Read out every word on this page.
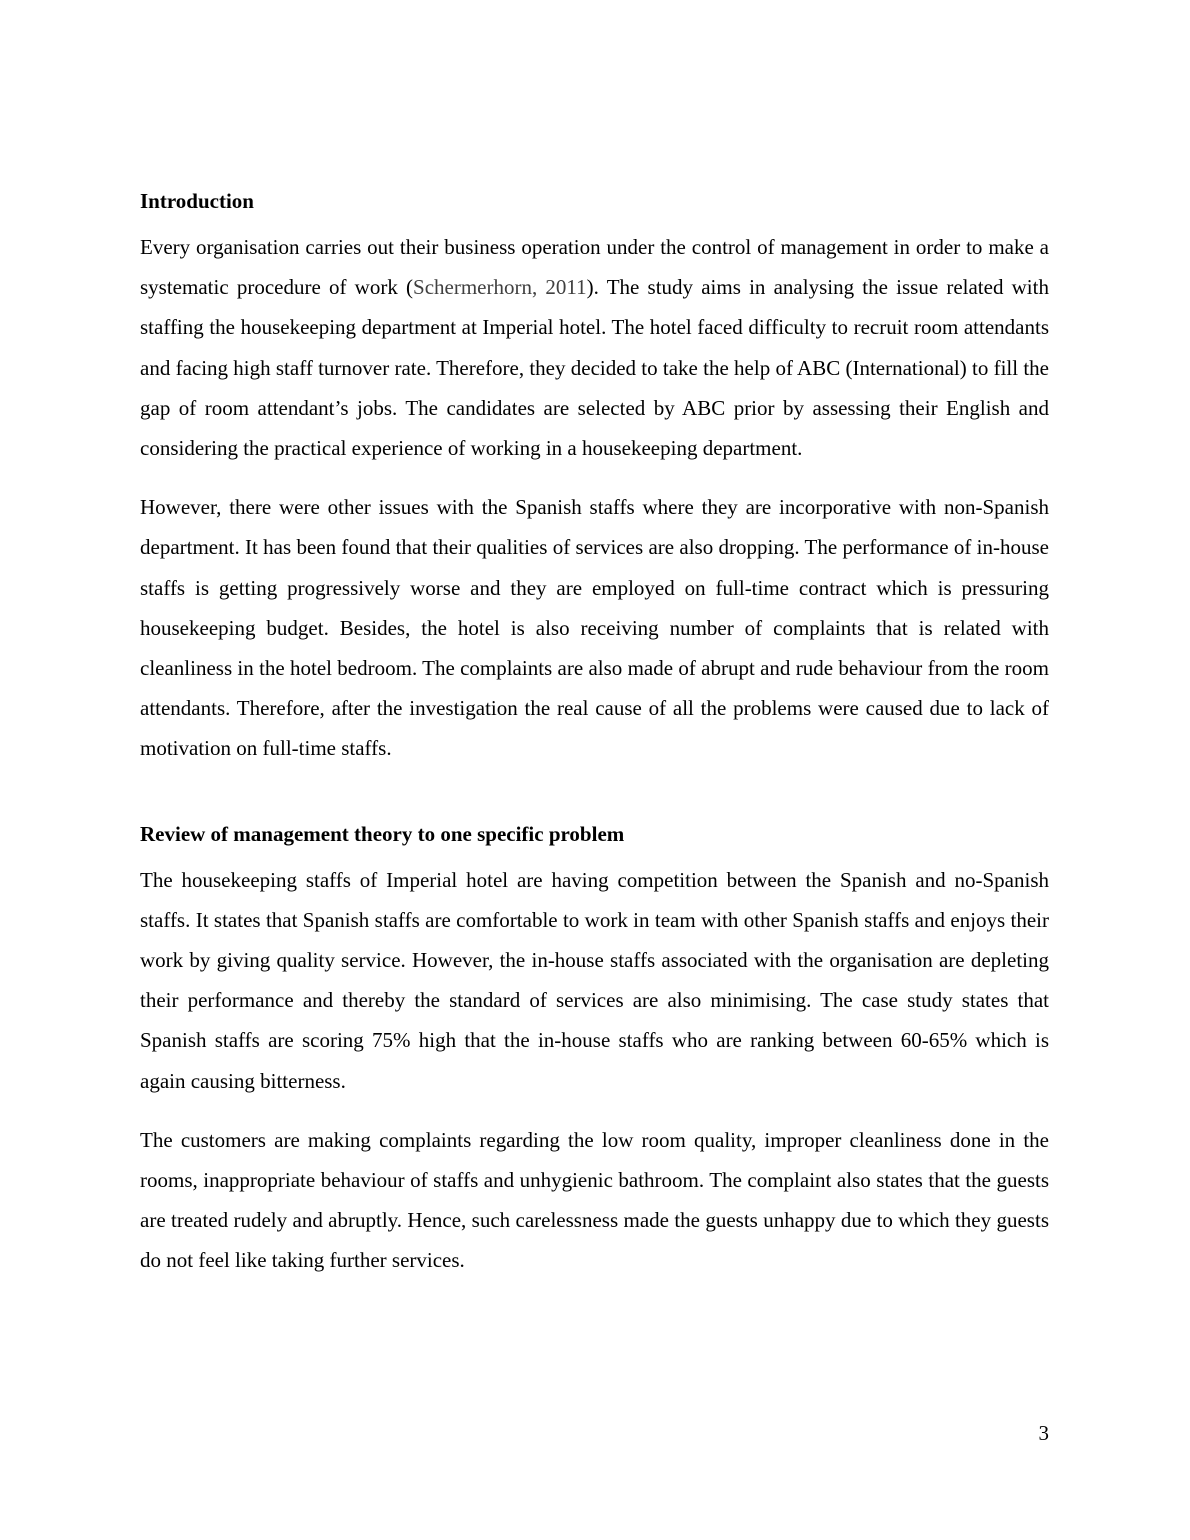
Introduction

Every organisation carries out their business operation under the control of management in order to make a systematic procedure of work (Schermerhorn, 2011). The study aims in analysing the issue related with staffing the housekeeping department at Imperial hotel. The hotel faced difficulty to recruit room attendants and facing high staff turnover rate. Therefore, they decided to take the help of ABC (International) to fill the gap of room attendant’s jobs. The candidates are selected by ABC prior by assessing their English and considering the practical experience of working in a housekeeping department.

However, there were other issues with the Spanish staffs where they are incorporative with non-Spanish department. It has been found that their qualities of services are also dropping. The performance of in-house staffs is getting progressively worse and they are employed on full-time contract which is pressuring housekeeping budget. Besides, the hotel is also receiving number of complaints that is related with cleanliness in the hotel bedroom. The complaints are also made of abrupt and rude behaviour from the room attendants. Therefore, after the investigation the real cause of all the problems were caused due to lack of motivation on full-time staffs.

Review of management theory to one specific problem

The housekeeping staffs of Imperial hotel are having competition between the Spanish and no-Spanish staffs. It states that Spanish staffs are comfortable to work in team with other Spanish staffs and enjoys their work by giving quality service. However, the in-house staffs associated with the organisation are depleting their performance and thereby the standard of services are also minimising. The case study states that Spanish staffs are scoring 75% high that the in-house staffs who are ranking between 60-65% which is again causing bitterness.

The customers are making complaints regarding the low room quality, improper cleanliness done in the rooms, inappropriate behaviour of staffs and unhygienic bathroom. The complaint also states that the guests are treated rudely and abruptly. Hence, such carelessness made the guests unhappy due to which they guests do not feel like taking further services.

3
